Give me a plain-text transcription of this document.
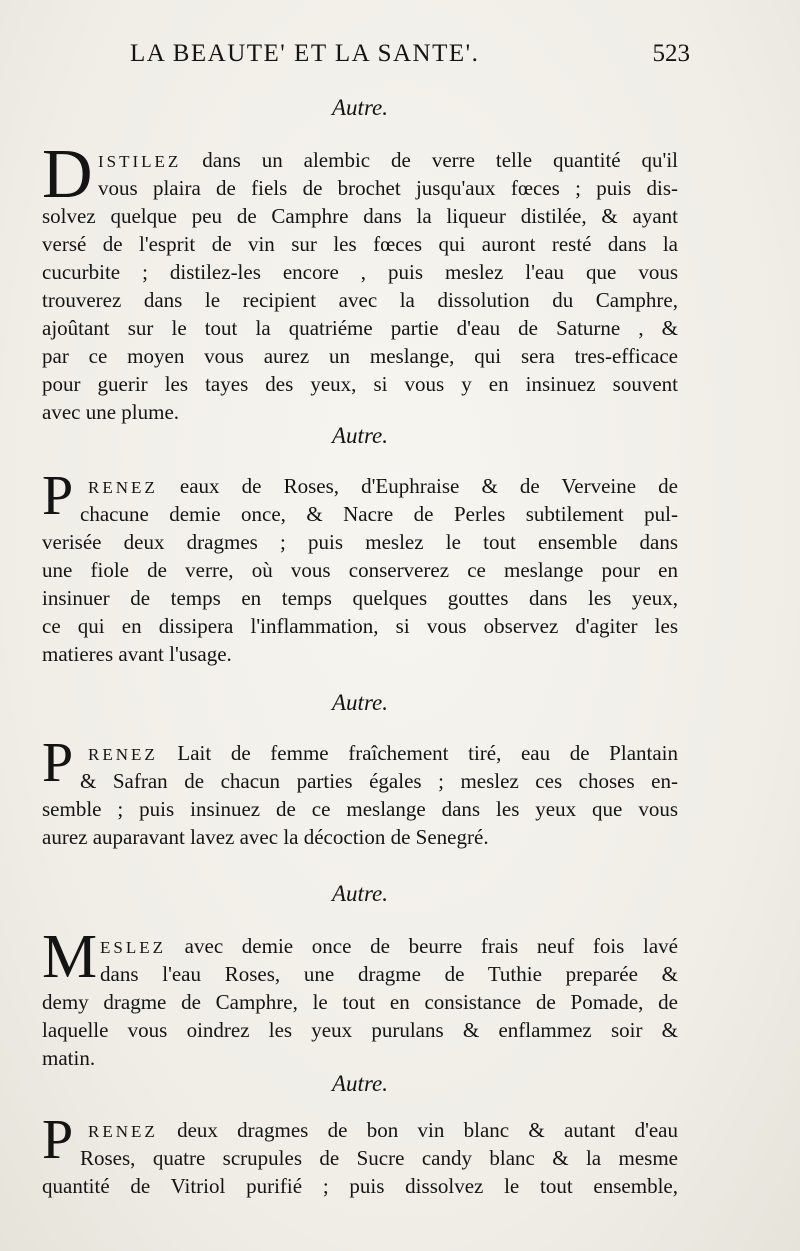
LA BEAUTE' ET LA SANTE'.	523
Autre.
D ISTILEZ dans un alembic de verre telle quantité qu'il
vous plaira de fiels de brochet jusqu'aux fœces ; puis dis-
solvez quelque peu de Camphre dans la liqueur distilée, & ayant
versé de l'esprit de vin sur les fœces qui auront resté dans la
cucurbite ; distilez-les encore , puis meslez l'eau que vous
trouverez dans le recipient avec la dissolution du Camphre,
ajoûtant sur le tout la quatriéme partie d'eau de Saturne , &
par ce moyen vous aurez un meslange, qui sera tres-efficace
pour guerir les tayes des yeux, si vous y en insinuez souvent
avec une plume.
Autre.
P RENEZ eaux de Roses, d'Euphraise & de Verveine de
chacune demie once, & Nacre de Perles subtilement pul-
verisée deux dragmes ; puis meslez le tout ensemble dans
une fiole de verre, où vous conserverez ce meslange pour en
insinuer de temps en temps quelques gouttes dans les yeux,
ce qui en dissipera l'inflammation, si vous observez d'agiter les
matieres avant l'usage.
Autre.
P RENEZ Lait de femme fraîchement tiré, eau de Plantain
& Safran de chacun parties égales ; meslez ces choses en-
semble ; puis insinuez de ce meslange dans les yeux que vous
aurez auparavant lavez avec la décoction de Senegré.
Autre.
M ESLEZ avec demie once de beurre frais neuf fois lavé
dans l'eau Roses, une dragme de Tuthie preparée &
demy dragme de Camphre, le tout en consistance de Pomade, de
laquelle vous oindrez les yeux purulans & enflammez soir &
matin.
Autre.
P RENEZ deux dragmes de bon vin blanc & autant d'eau
Roses, quatre scrupules de Sucre candy blanc & la mesme
quantité de Vitriol purifié ; puis dissolvez le tout ensemble,
